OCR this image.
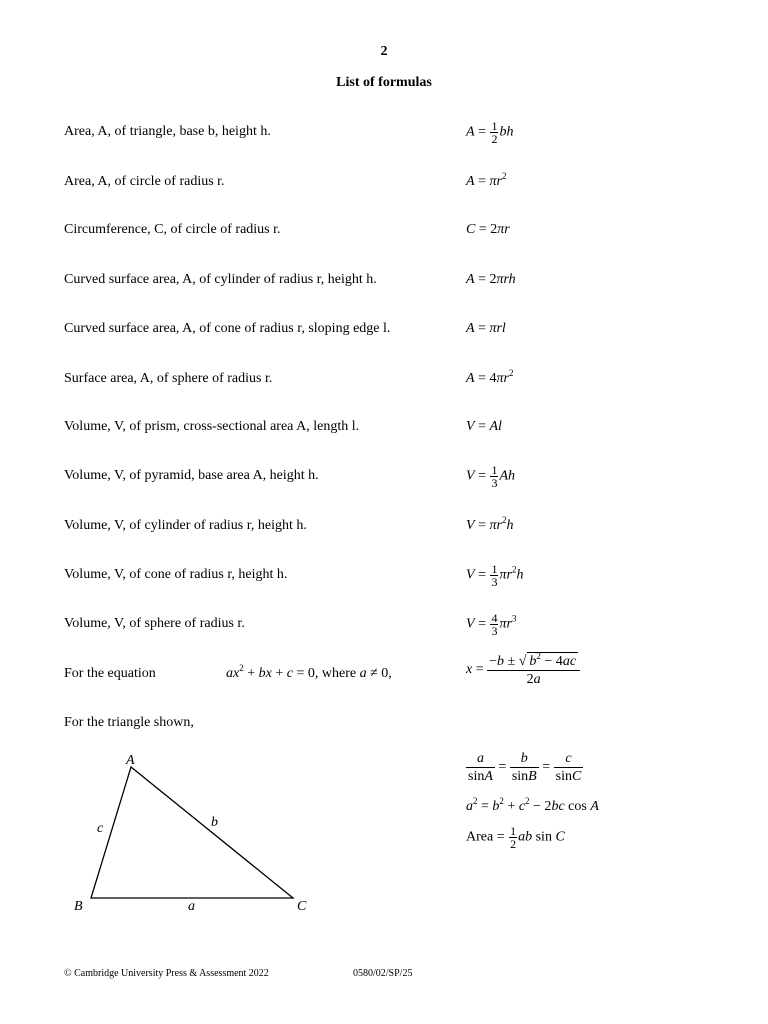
2
List of formulas
Area, A, of triangle, base b, height h.	$A = \frac{1}{2}$ bh
Area, A, of circle of radius r.	$A = \pi r^2$
Circumference, C, of circle of radius r.	C = 2πr
Curved surface area, A, of cylinder of radius r, height h.	A = 2πrh
Curved surface area, A, of cone of radius r, sloping edge l.	A = πrl
Surface area, A, of sphere of radius r.	$A = 4\pi r^2$
Volume, V, of prism, cross-sectional area A, length l.	V = Al
Volume, V, of pyramid, base area A, height h.	$V = \frac{1}{3}$ Ah
Volume, V, of cylinder of radius r, height h.	$V = \pi r^2h$
Volume, V, of cone of radius r, height h.	$V = \frac{1}{3} \pi r^2h$
Volume, V, of sphere of radius r.	$V = \frac{4}{3} \pi r^3$
For the equation	$ax^2$ + bx + c = 0, where a ≠ 0,	$x = \frac{-b \pm √ b^2 - 4ac}{2a}$
For the triangle shown,
A
B	C
c	b
a
$\frac{a}{\sin A} = \frac{b}{\sin B} = \frac{c}{\sin C}$
$a^2 = b^2 + c^2 - 2bc$ cos A
Area = $\frac{1}{2}$ ab sin C
© Cambridge University Press & Assessment 2022	0580/02/SP/25
